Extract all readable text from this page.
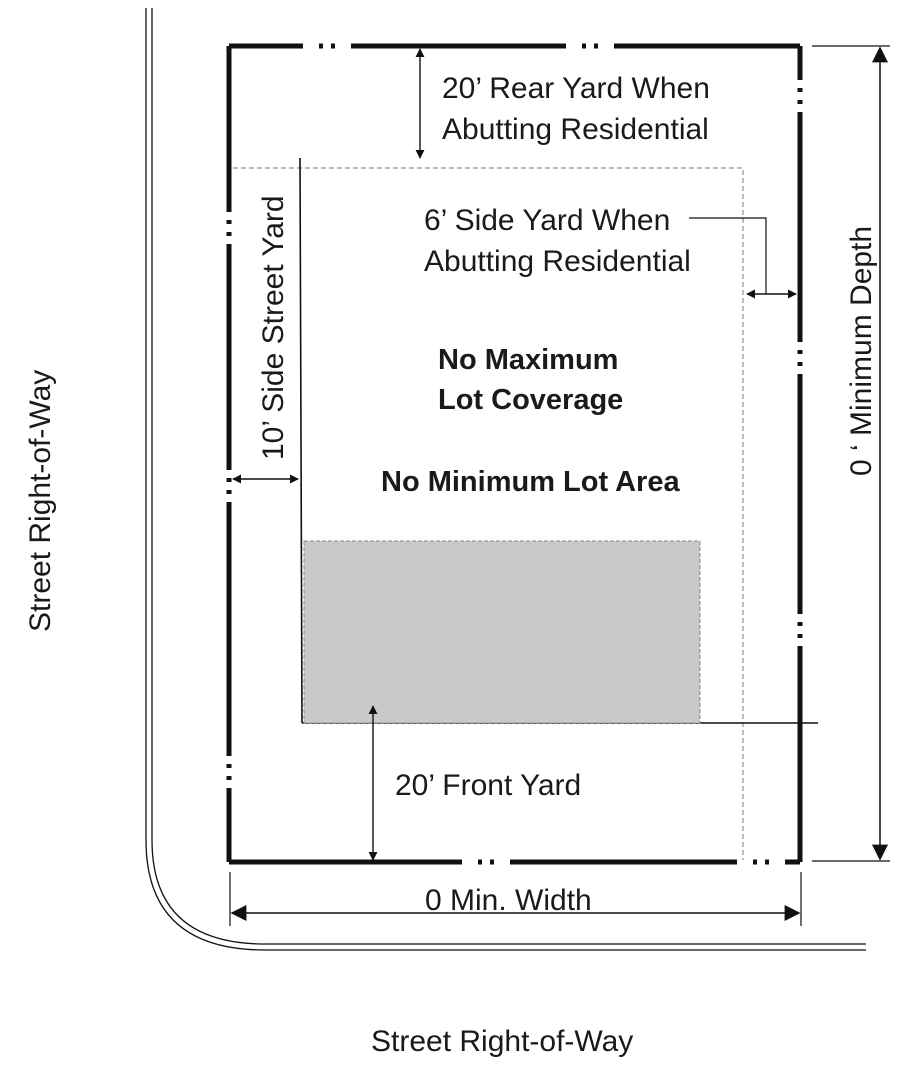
20’ Rear Yard When
Abutting Residential
6’ Side Yard When
Abutting Residential
10’ Side Street Yard	0 ‘ Minimum Depth
No Maximum
Lot Coverage
No Minimum Lot Area
20’ Front Yard
0 Min. Width
Street Right-of-Way
Street Right-of-Way
